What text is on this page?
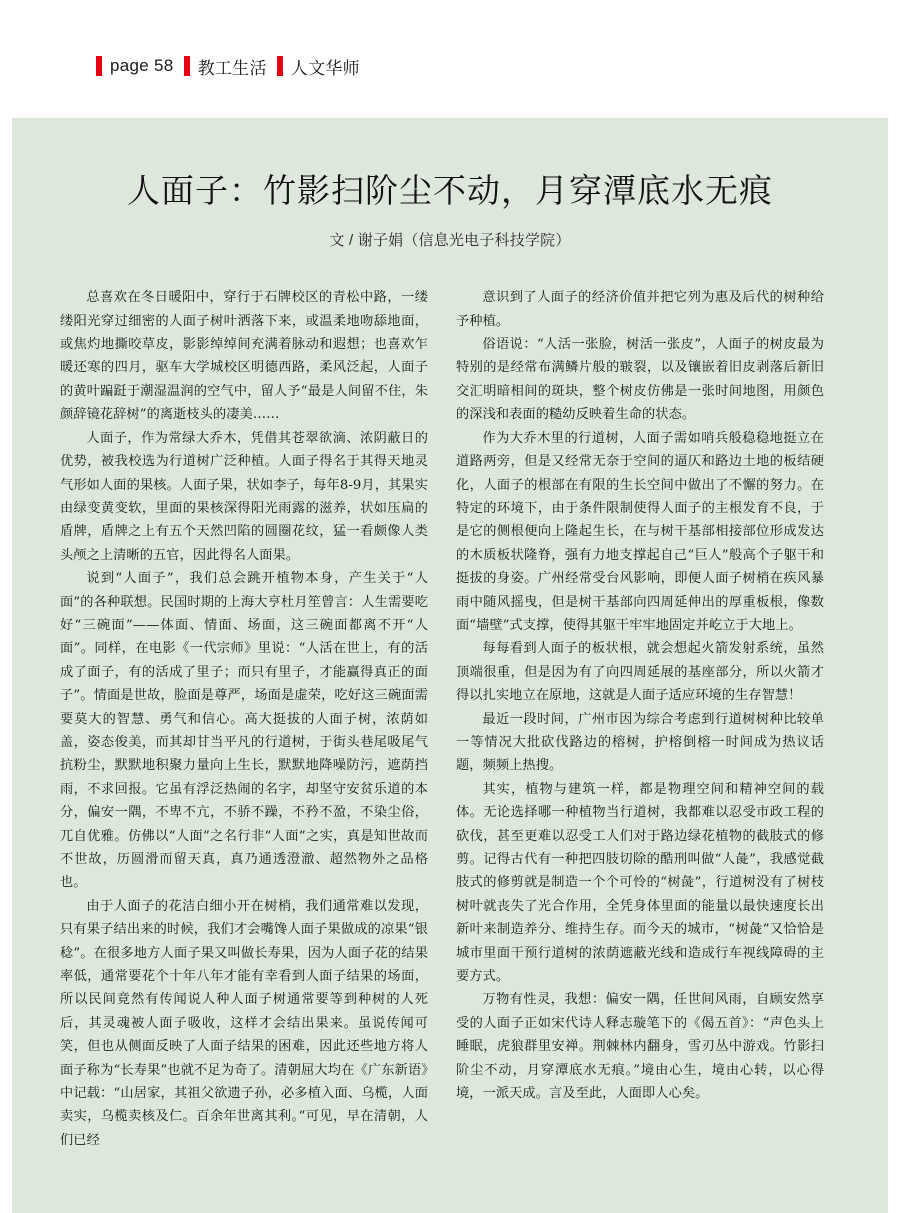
page 58 教工生活 人文华师
人面子：竹影扫阶尘不动，月穿潭底水无痕
文 / 谢子娟（信息光电子科技学院）

总喜欢在冬日暖阳中，穿行于石牌校区的青松中路，一缕缕阳光穿过细密的人面子树叶洒落下来，或温柔地吻舔地面，或焦灼地撕咬草皮，影影绰绰间充满着脉动和遐想；也喜欢乍暖还寒的四月，驱车大学城校区明德西路，柔风泛起，人面子的黄叶蹁跹于潮湿温润的空气中，留人予“最是人间留不住，朱颜辞镜花辞树”的离逝枝头的凄美……

人面子，作为常绿大乔木，凭借其苍翠欲滴、浓阴蔽日的优势，被我校选为行道树广泛种植。人面子得名于其得天地灵气形如人面的果核。人面子果，状如李子，每年8-9月，其果实由绿变黄变软，里面的果核深得阳光雨露的滋养，状如压扁的盾牌，盾牌之上有五个天然凹陷的圆圈花纹，猛一看颇像人类头颅之上清晰的五官，因此得名人面果。

说到“人面子”，我们总会跳开植物本身，产生关于“人面”的各种联想。民国时期的上海大亨杜月笙曾言：人生需要吃好“三碗面”——体面、情面、场面，这三碗面都离不开“人面”。同样，在电影《一代宗师》里说：“人活在世上，有的活成了面子，有的活成了里子；而只有里子，才能赢得真正的面子”。情面是世故，脸面是尊严，场面是虚荣，吃好这三碗面需要莫大的智慧、勇气和信心。高大挺拔的人面子树，浓荫如盖，姿态俊美，而其却甘当平凡的行道树，于街头巷尾吸尾气抗粉尘，默默地积聚力量向上生长，默默地降噪防污，遮荫挡雨，不求回报。它虽有浮泛热闹的名字，却坚守安贫乐道的本分，偏安一隅，不卑不亢，不骄不躁，不矜不盈，不染尘俗，兀自优雅。仿佛以“人面”之名行非“人面”之实，真是知世故而不世故，历圆滑而留天真，真乃通透澄澈、超然物外之品格也。

由于人面子的花洁白细小开在树梢，我们通常难以发现，只有果子结出来的时候，我们才会嘴馋人面子果做成的凉果“银稔”。在很多地方人面子果又叫做长寿果，因为人面子花的结果率低，通常要花个十年八年才能有幸看到人面子结果的场面，所以民间竟然有传闻说人种人面子树通常要等到种树的人死后，其灵魂被人面子吸收，这样才会结出果来。虽说传闻可笑，但也从侧面反映了人面子结果的困难，因此还些地方将人面子称为“长寿果”也就不足为奇了。清朝屈大均在《广东新语》中记载：“山居家，其祖父欲遗子孙，必多植入面、乌榄，人面卖实，乌榄卖核及仁。百余年世离其利。”可见，早在清朝，人们已经

意识到了人面子的经济价值并把它列为惠及后代的树种给予种植。

俗语说：“人活一张脸，树活一张皮”，人面子的树皮最为特别的是经常布满鳞片般的皲裂，以及镶嵌着旧皮剥落后新旧交汇明暗相间的斑块，整个树皮仿佛是一张时间地图，用颜色的深浅和表面的糙幼反映着生命的状态。

作为大乔木里的行道树，人面子需如哨兵般稳稳地挺立在道路两旁，但是又经常无奈于空间的逼仄和路边土地的板结硬化，人面子的根部在有限的生长空间中做出了不懈的努力。在特定的环境下，由于条件限制使得人面子的主根发育不良，于是它的侧根便向上隆起生长，在与树干基部相接部位形成发达的木质板状隆脊，强有力地支撑起自己“巨人”般高个子躯干和挺拔的身姿。广州经常受台风影响，即便人面子树梢在疾风暴雨中随风摇曳，但是树干基部向四周延伸出的厚重板根，像数面“墙壁”式支撑，使得其躯干牢牢地固定并屹立于大地上。

每每看到人面子的板状根，就会想起火箭发射系统，虽然顶端很重，但是因为有了向四周延展的基座部分，所以火箭才得以扎实地立在原地，这就是人面子适应环境的生存智慧！

最近一段时间，广州市因为综合考虑到行道树树种比较单一等情况大批砍伐路边的榕树，护榕倒榕一时间成为热议话题，频频上热搜。

其实，植物与建筑一样，都是物理空间和精神空间的载体。无论选择哪一种植物当行道树，我都难以忍受市政工程的砍伐，甚至更难以忍受工人们对于路边绿花植物的截肢式的修剪。记得古代有一种把四肢切除的酷刑叫做“人彘”，我感觉截肢式的修剪就是制造一个个可怜的“树彘”，行道树没有了树枝树叶就丧失了光合作用，全凭身体里面的能量以最快速度长出新叶来制造养分、维持生存。而今天的城市，“树彘”又恰恰是城市里面干预行道树的浓荫遮蔽光线和造成行车视线障碍的主要方式。

万物有性灵，我想：偏安一隅，任世间风雨，自顾安然享受的人面子正如宋代诗人释志璇笔下的《偈五首》：“声色头上睡眠，虎狼群里安禅。荆棘林内翻身，雪刃丛中游戏。竹影扫阶尘不动，月穿潭底水无痕。”境由心生，境由心转，以心得境，一派天成。言及至此，人面即人心矣。
